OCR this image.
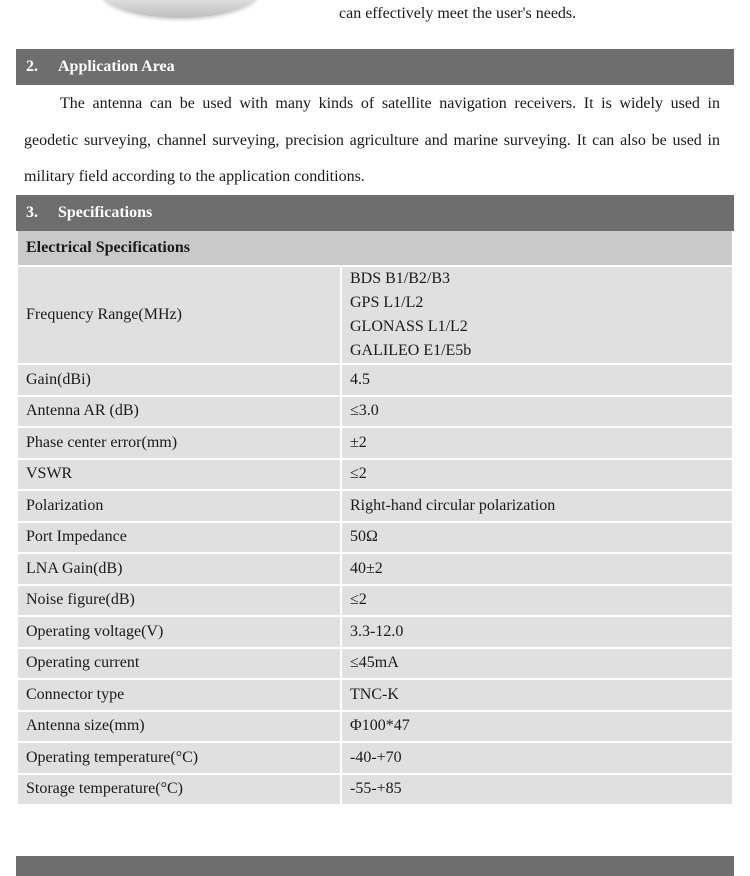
can effectively meet the user's needs.
2.	Application Area
The antenna can be used with many kinds of satellite navigation receivers. It is widely used in geodetic surveying, channel surveying, precision agriculture and marine surveying. It can also be used in military field according to the application conditions.
3.	Specifications
Electrical Specifications	
Frequency Range(MHz)	BDS B1/B2/B3
GPS L1/L2
GLONASS L1/L2
GALILEO E1/E5b

Gain(dBi)	4.5
Antenna AR (dB)	≤3.0
Phase center error(mm)	±2
VSWR	≤2
Polarization	Right-hand circular polarization
Port Impedance	50Ω
LNA Gain(dB)	40±2
Noise figure(dB)	≤2
Operating voltage(V)	3.3-12.0
Operating current	≤45mA
Connector type	TNC-K
Antenna size(mm)	Φ100*47
Operating temperature(°C)	-40-+70
Storage temperature(°C)	-55-+85
